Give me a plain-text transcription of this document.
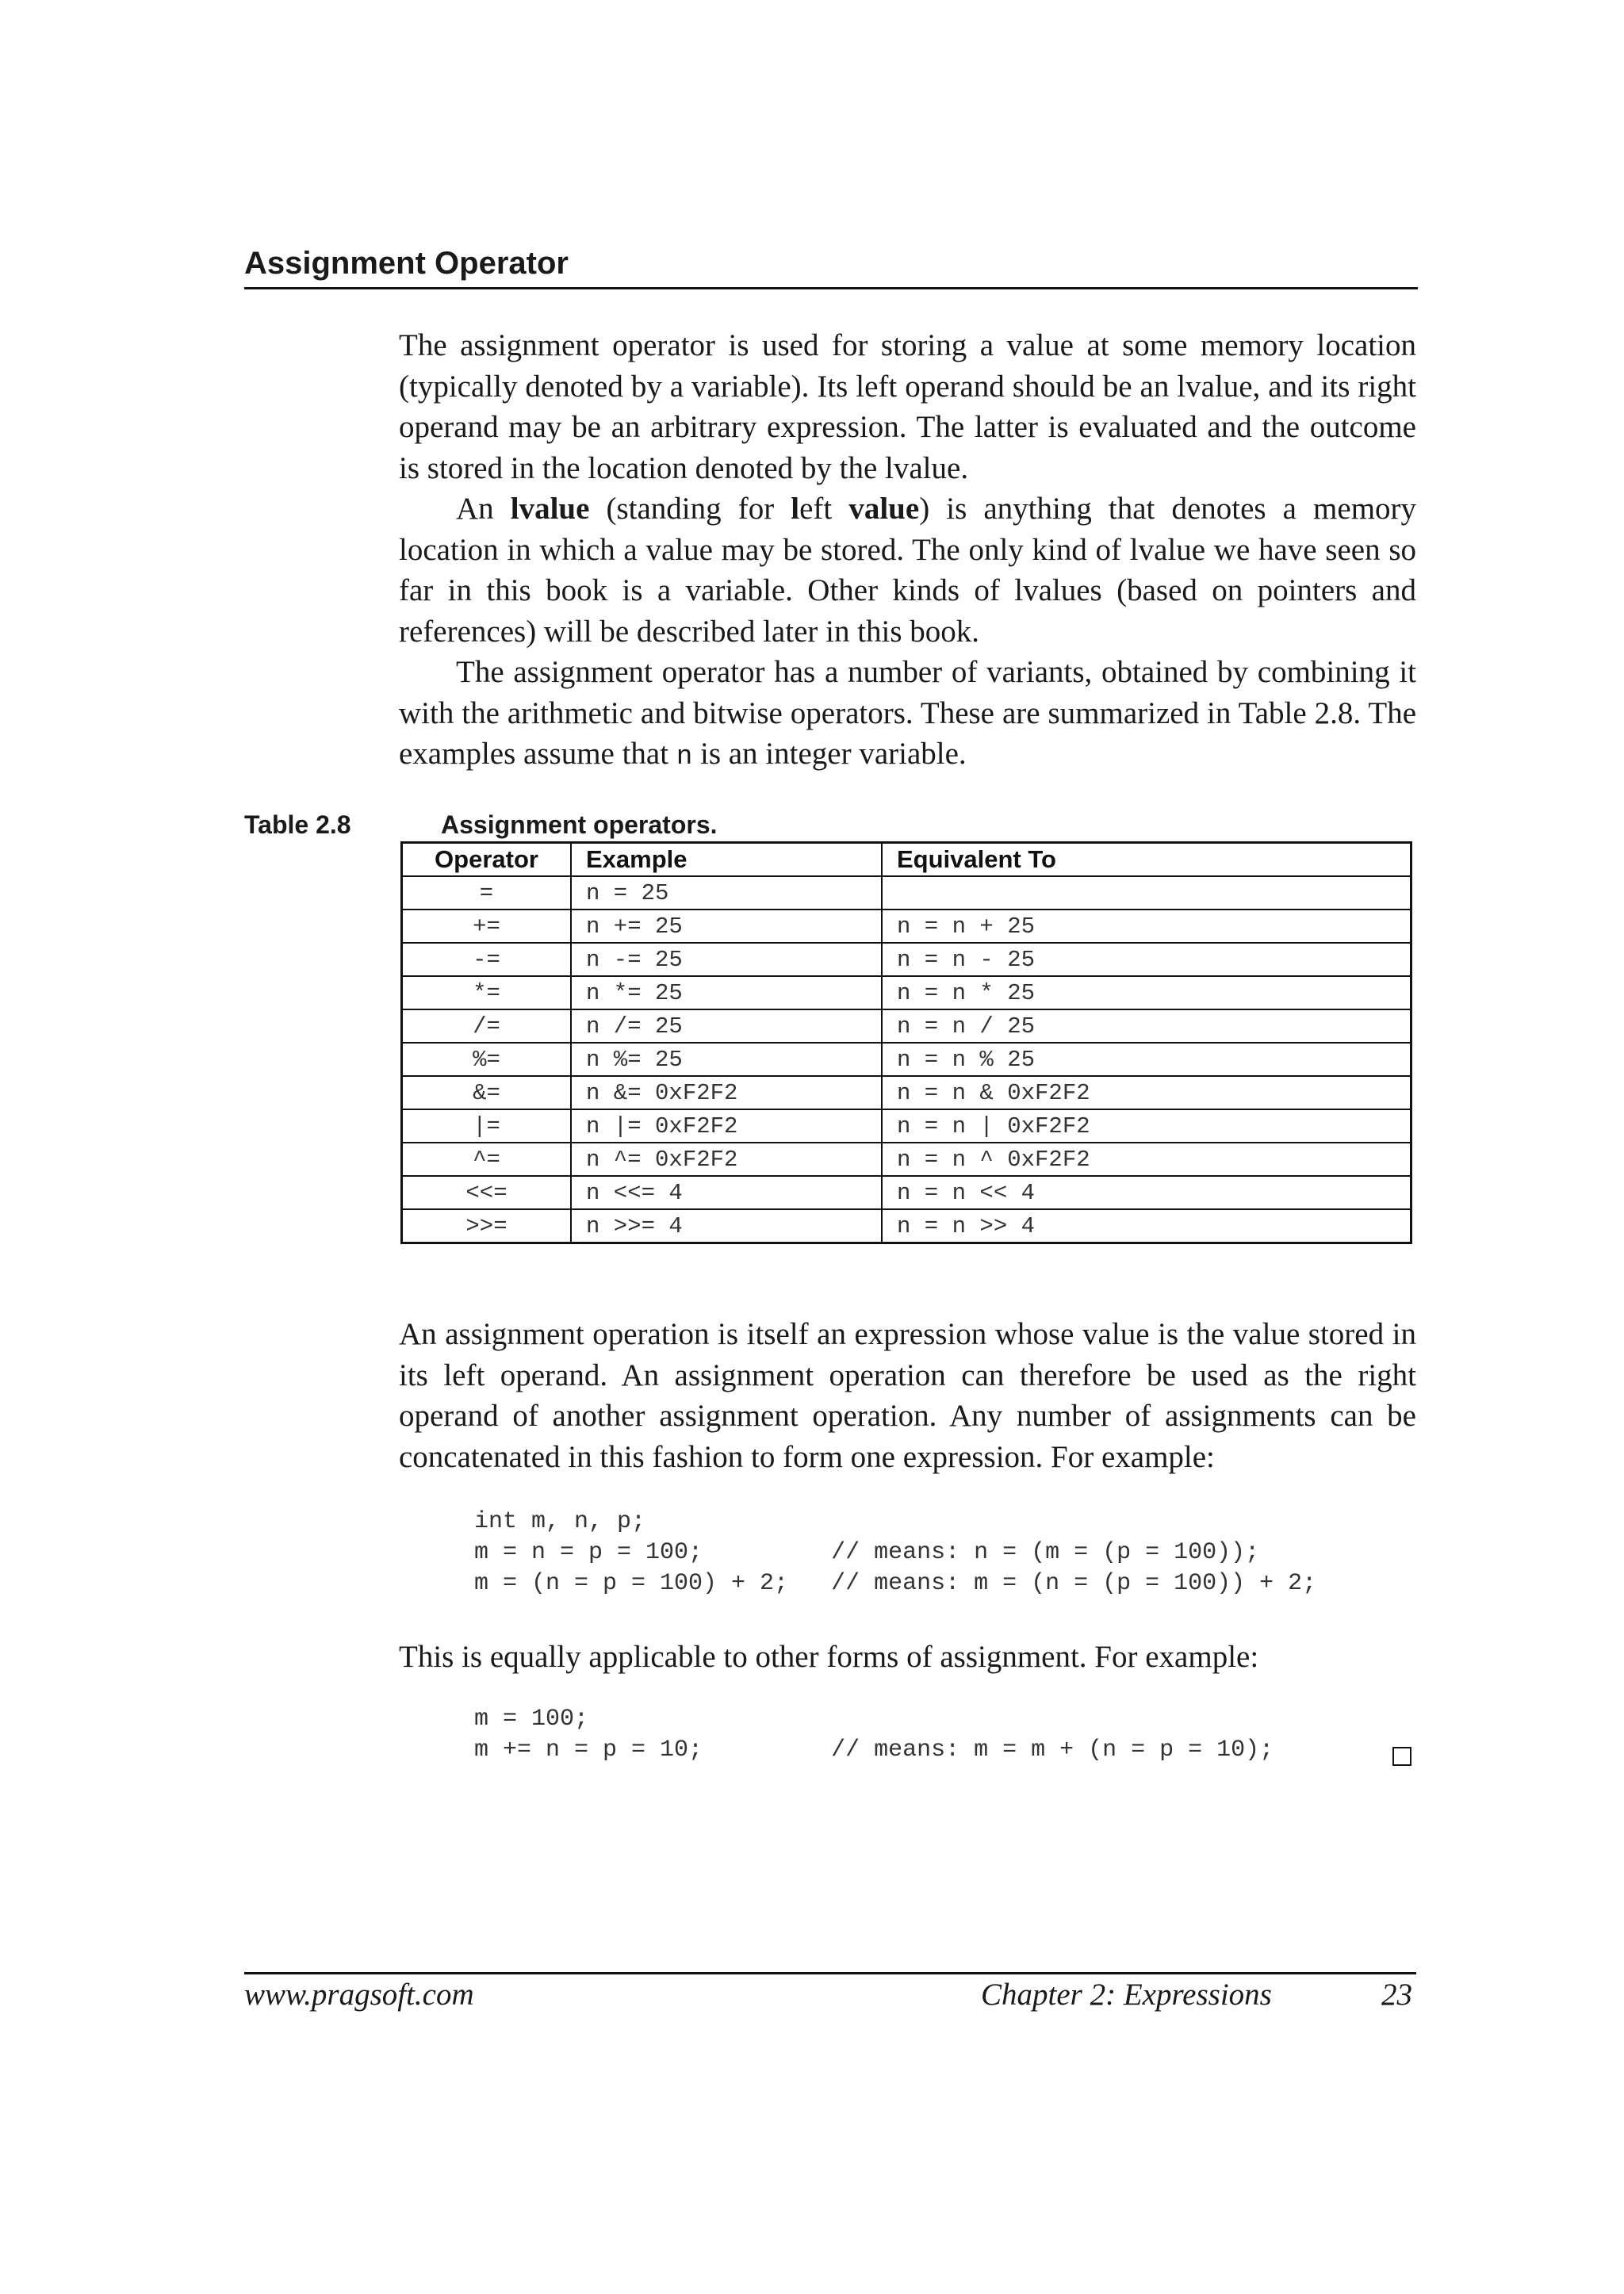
Assignment Operator

The assignment operator is used for storing a value at some memory location (typically denoted by a variable). Its left operand should be an lvalue, and its right operand may be an arbitrary expression. The latter is evaluated and the outcome is stored in the location denoted by the lvalue.

An lvalue (standing for left value) is anything that denotes a memory location in which a value may be stored. The only kind of lvalue we have seen so far in this book is a variable. Other kinds of lvalues (based on pointers and references) will be described later in this book.

The assignment operator has a number of variants, obtained by combining it with the arithmetic and bitwise operators. These are summarized in Table 2.8. The examples assume that n is an integer variable.

Table 2.8	Assignment operators.
Operator	Example	Equivalent To
=	n = 25	
+=	n += 25	n = n + 25
-=	n -= 25	n = n - 25
*=	n *= 25	n = n * 25
/=	n /= 25	n = n / 25
%=	n %= 25	n = n % 25
&=	n &= 0xF2F2	n = n & 0xF2F2
|=	n |= 0xF2F2	n = n | 0xF2F2
^=	n ^= 0xF2F2	n = n ^ 0xF2F2
<<=	n <<= 4	n = n << 4
>>=	n >>= 4	n = n >> 4
An assignment operation is itself an expression whose value is the value stored in its left operand. An assignment operation can therefore be used as the right operand of another assignment operation. Any number of assignments can be concatenated in this fashion to form one expression. For example:
int m, n, p;
m = n = p = 100;         // means: n = (m = (p = 100));
m = (n = p = 100) + 2;   // means: m = (n = (p = 100)) + 2;
This is equally applicable to other forms of assignment. For example:
m = 100;
m += n = p = 10;         // means: m = m + (n = p = 10);
www.pragsoft.com	Chapter 2: Expressions	23
